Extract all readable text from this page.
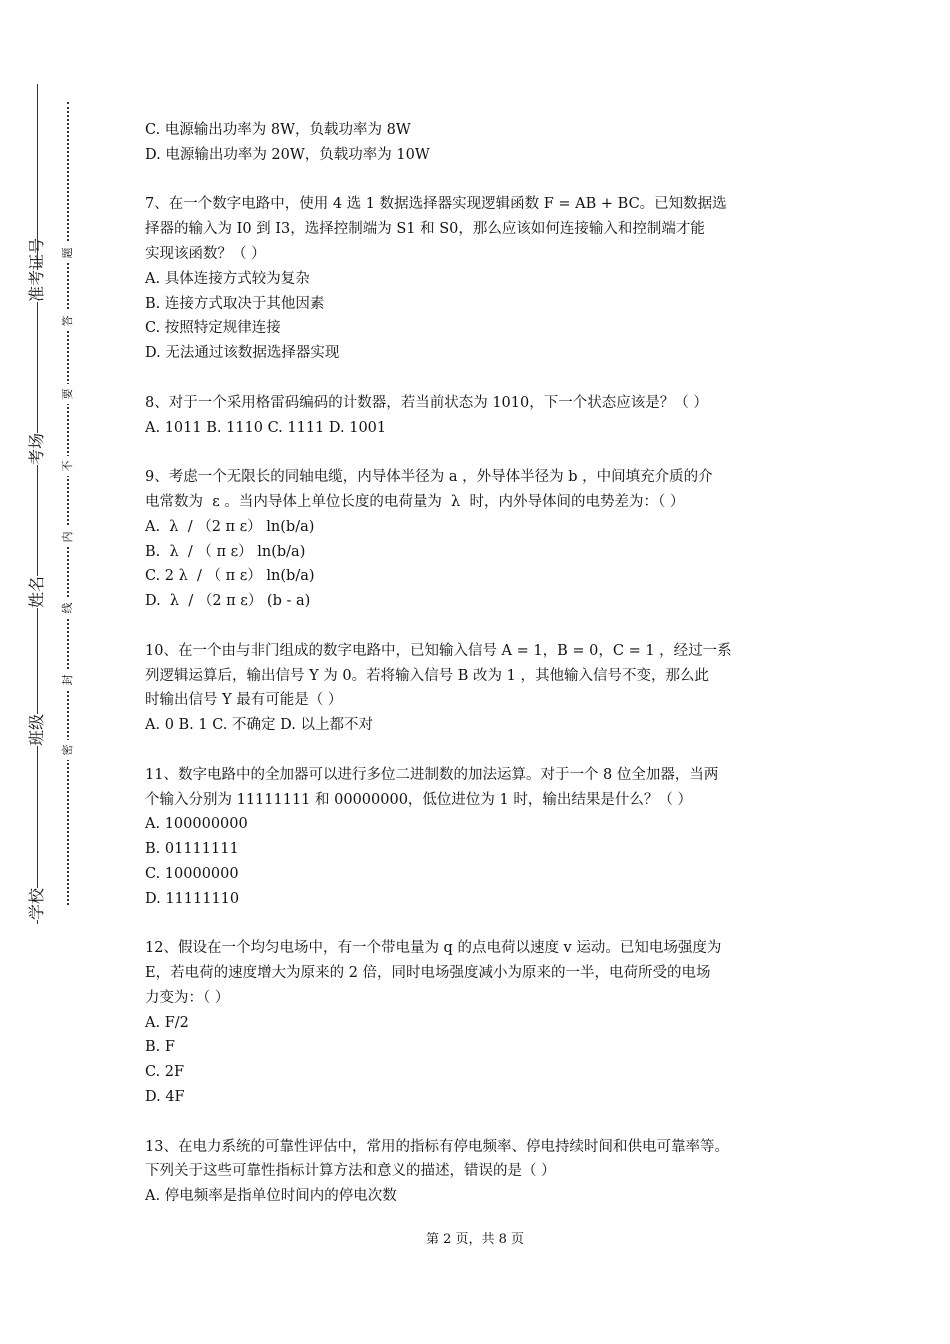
准考证号
考场
姓名
班级
学校
题
答
要
不
内
线
封
密

C. 电源输出功率为 8W，负载功率为 8W

D. 电源输出功率为 20W，负载功率为 10W

7、在一个数字电路中，使用 4 选 1 数据选择器实现逻辑函数 F = AB + BC。已知数据选

择器的输入为 I0 到 I3，选择控制端为 S1 和 S0，那么应该如何连接输入和控制端才能

实现该函数？（ ）

A. 具体连接方式较为复杂

B. 连接方式取决于其他因素

C. 按照特定规律连接

D. 无法通过该数据选择器实现

8、对于一个采用格雷码编码的计数器，若当前状态为 1010，下一个状态应该是？（ ）

A. 1011 B. 1110 C. 1111 D. 1001

9、考虑一个无限长的同轴电缆，内导体半径为 a ，外导体半径为 b ，中间填充介质的介

电常数为  ε 。当内导体上单位长度的电荷量为  λ  时，内外导体间的电势差为：（ ）

A.  λ  / （2 π ε） ln(b/a)

B.  λ  / （ π ε） ln(b/a)

C. 2 λ  / （ π ε） ln(b/a)

D.  λ  / （2 π ε） (b - a)

10、在一个由与非门组成的数字电路中，已知输入信号 A = 1，B = 0，C = 1 ，经过一系

列逻辑运算后，输出信号 Y 为 0。若将输入信号 B 改为 1 ，其他输入信号不变，那么此

时输出信号 Y 最有可能是（ ）

A. 0 B. 1 C. 不确定 D. 以上都不对

11、数字电路中的全加器可以进行多位二进制数的加法运算。对于一个 8 位全加器，当两

个输入分别为 11111111 和 00000000，低位进位为 1 时，输出结果是什么？（ ）

A. 100000000

B. 01111111

C. 10000000

D. 11111110

12、假设在一个均匀电场中，有一个带电量为 q 的点电荷以速度 v 运动。已知电场强度为

E，若电荷的速度增大为原来的 2 倍，同时电场强度减小为原来的一半，电荷所受的电场

力变为：（ ）

A. F/2

B. F

C. 2F

D. 4F

13、在电力系统的可靠性评估中，常用的指标有停电频率、停电持续时间和供电可靠率等。

下列关于这些可靠性指标计算方法和意义的描述，错误的是（ ）

A. 停电频率是指单位时间内的停电次数

第 2 页，共 8 页
